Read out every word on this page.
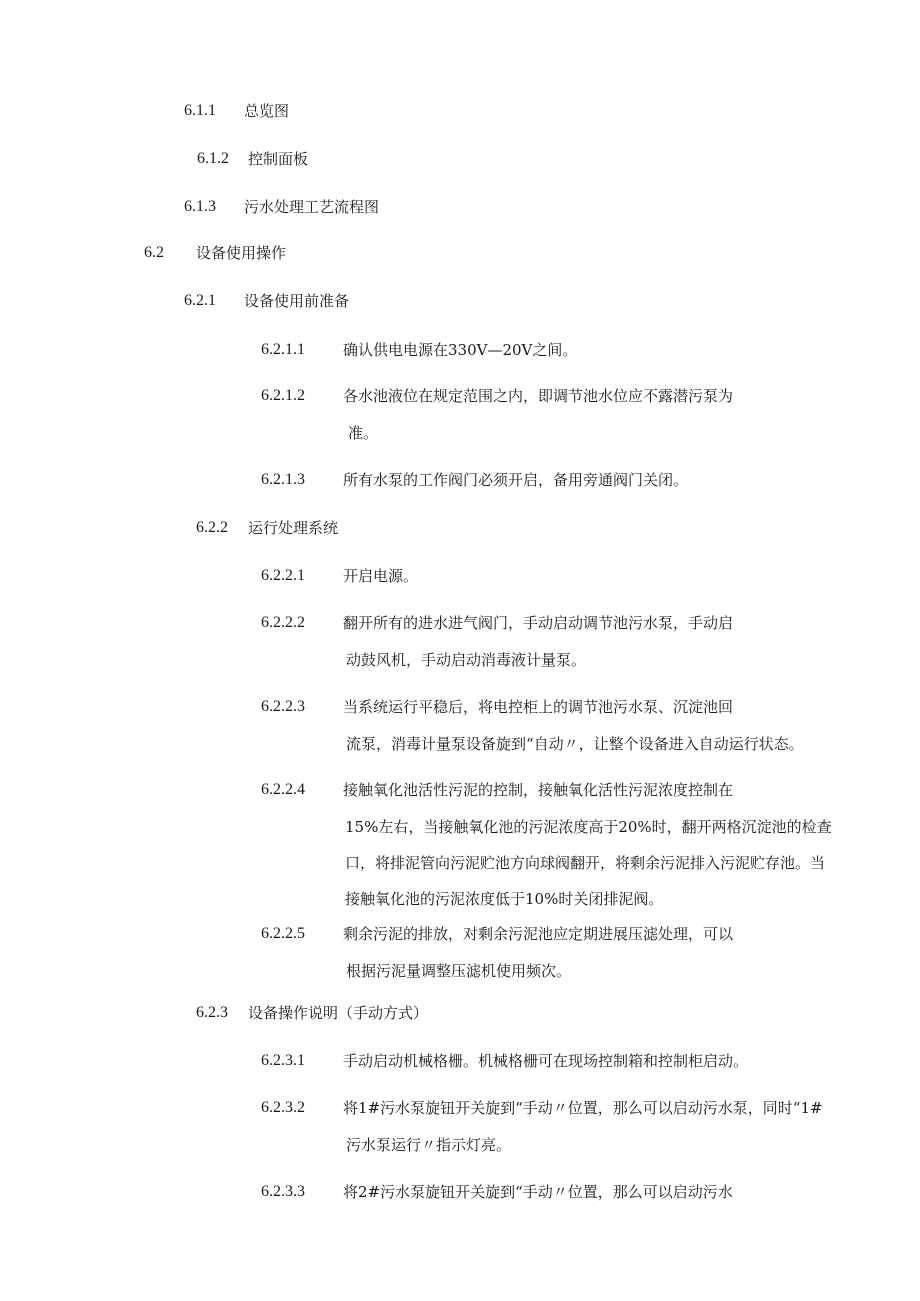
6.1.1 总览图
6.1.2 控制面板
6.1.3 污水处理工艺流程图
6.2 设备使用操作
6.2.1 设备使用前准备
6.2.1.1	确认供电电源在330V—20V之间。
6.2.1.2	各水池液位在规定范围之内，即调节池水位应不露潜污泵为
准。
6.2.1.3	所有水泵的工作阀门必须开启，备用旁通阀门关闭。
6.2.2 运行处理系统
6.2.2.1	开启电源。
6.2.2.2	翻开所有的进水进气阀门，手动启动调节池污水泵，手动启
动鼓风机，手动启动消毒液计量泵。
6.2.2.3	当系统运行平稳后，将电控柜上的调节池污水泵、沉淀池回
流泵，消毒计量泵设备旋到“自动〃，让整个设备进入自动运行状态。
6.2.2.4	接触氧化池活性污泥的控制，接触氧化活性污泥浓度控制在
15%左右，当接触氧化池的污泥浓度高于20%时，翻开两格沉淀池的检查
口，将排泥管向污泥贮池方向球阀翻开，将剩余污泥排入污泥贮存池。当
接触氧化池的污泥浓度低于10%时关闭排泥阀。
6.2.2.5	剩余污泥的排放，对剩余污泥池应定期进展压滤处理，可以
根据污泥量调整压滤机使用频次。
6.2.3 设备操作说明（手动方式）
6.2.3.1	手动启动机械格栅。机械格栅可在现场控制箱和控制柜启动。
6.2.3.2	将1#污水泵旋钮开关旋到“手动〃位置，那么可以启动污水泵，同时“1#
污水泵运行〃指示灯亮。
6.2.3.3	将2#污水泵旋钮开关旋到“手动〃位置，那么可以启动污水
